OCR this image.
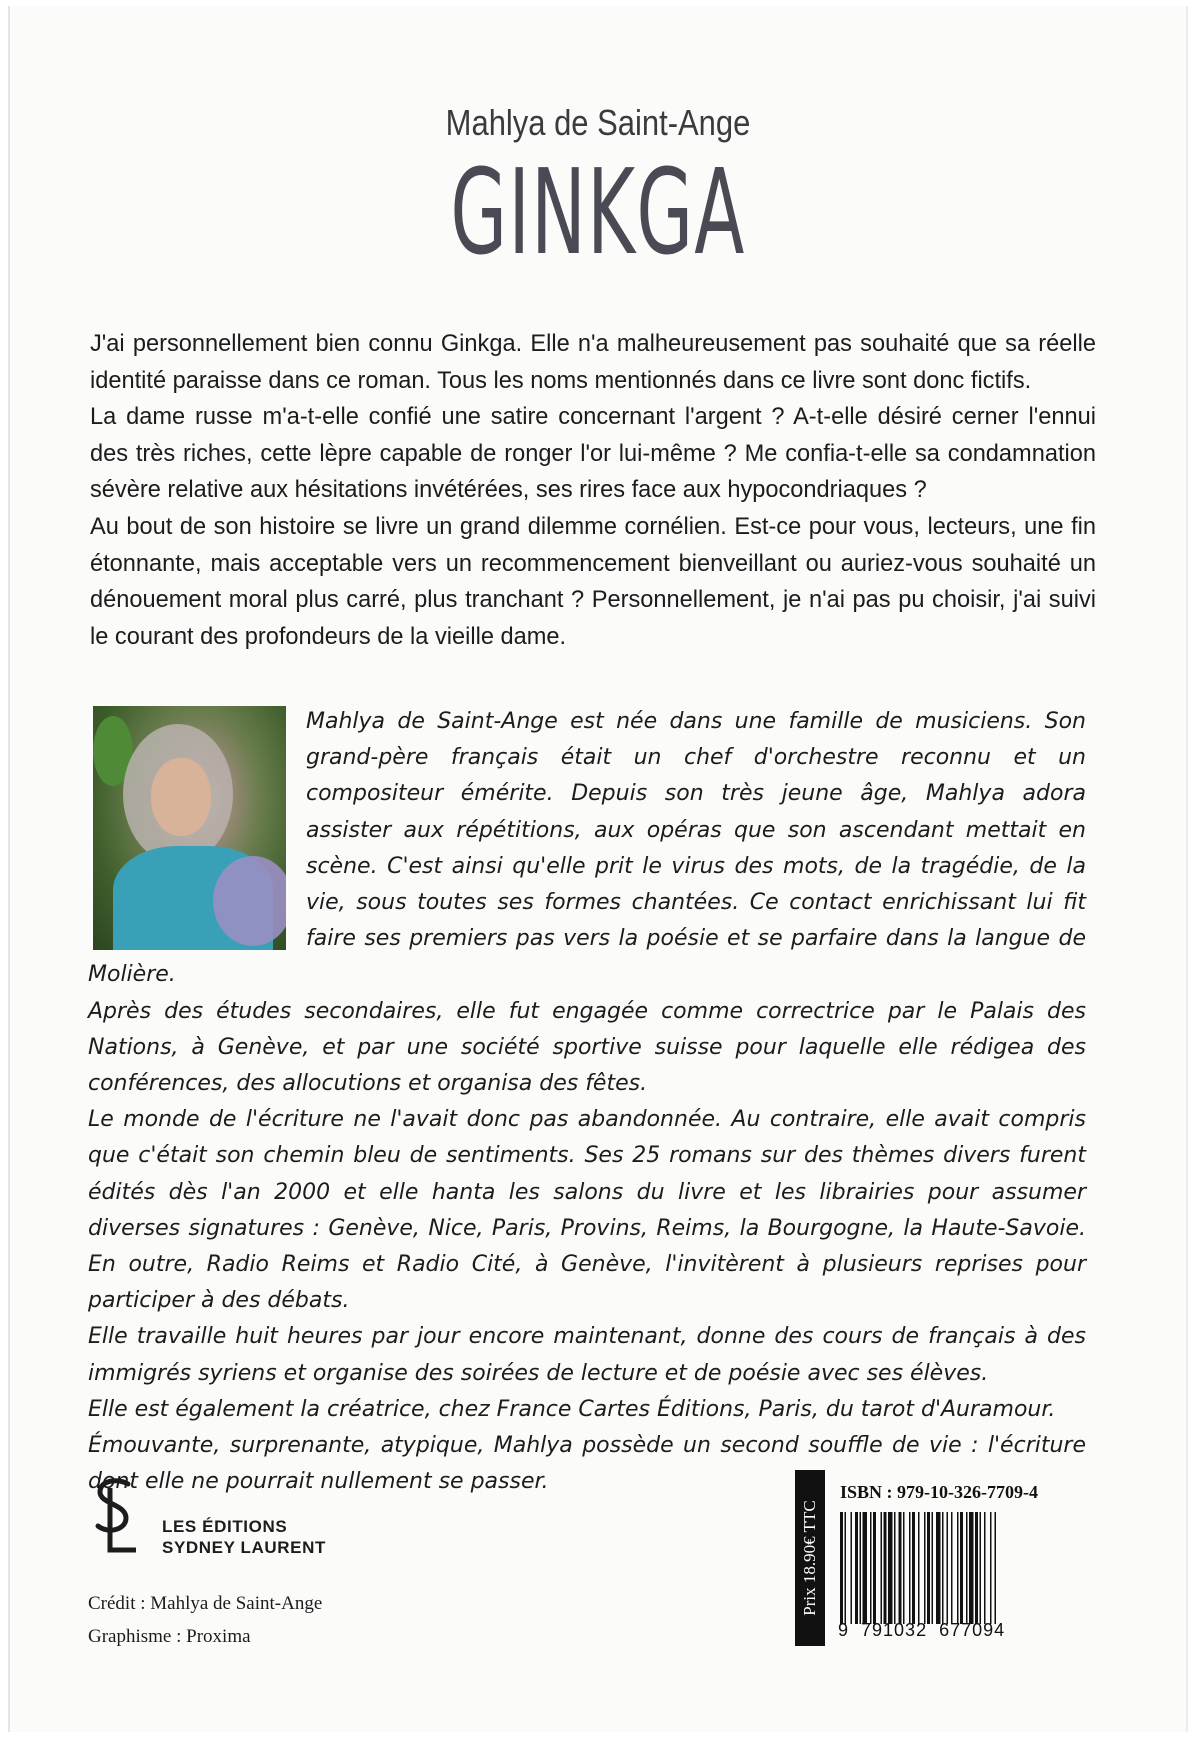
Mahlya de Saint-Ange
GINKGA

J'ai personnellement bien connu Ginkga. Elle n'a malheureusement pas souhaité que sa réelle identité paraisse dans ce roman. Tous les noms mentionnés dans ce livre sont donc fictifs.

La dame russe m'a-t-elle confié une satire concernant l'argent ? A-t-elle désiré cerner l'ennui des très riches, cette lèpre capable de ronger l'or lui-même ? Me confia-t-elle sa condamnation sévère relative aux hésitations invétérées, ses rires face aux hypocondriaques ?

Au bout de son histoire se livre un grand dilemme cornélien. Est-ce pour vous, lecteurs, une fin étonnante, mais acceptable vers un recommencement bienveillant ou auriez-vous souhaité un dénouement moral plus carré, plus tranchant ? Personnellement, je n'ai pas pu choisir, j'ai suivi le courant des profondeurs de la vieille dame.

Mahlya de Saint-Ange est née dans une famille de musiciens. Son grand-père français était un chef d'orchestre reconnu et un compositeur émérite. Depuis son très jeune âge, Mahlya adora assister aux répétitions, aux opéras que son ascendant mettait en scène. C'est ainsi qu'elle prit le virus des mots, de la tragédie, de la vie, sous toutes ses formes chantées. Ce contact enrichissant lui fit faire ses premiers pas vers la poésie et se parfaire dans la langue de Molière.

Après des études secondaires, elle fut engagée comme correctrice par le Palais des Nations, à Genève, et par une société sportive suisse pour laquelle elle rédigea des conférences, des allocutions et organisa des fêtes.

Le monde de l'écriture ne l'avait donc pas abandonnée. Au contraire, elle avait compris que c'était son chemin bleu de sentiments. Ses 25 romans sur des thèmes divers furent édités dès l'an 2000 et elle hanta les salons du livre et les librairies pour assumer diverses signatures : Genève, Nice, Paris, Provins, Reims, la Bourgogne, la Haute-Savoie. En outre, Radio Reims et Radio Cité, à Genève, l'invitèrent à plusieurs reprises pour participer à des débats.

Elle travaille huit heures par jour encore maintenant, donne des cours de français à des immigrés syriens et organise des soirées de lecture et de poésie avec ses élèves.

Elle est également la créatrice, chez France Cartes Éditions, Paris, du tarot d'Auramour.

Émouvante, surprenante, atypique, Mahlya possède un second souffle de vie : l'écriture dont elle ne pourrait nullement se passer.

LES ÉDITIONS
SYDNEY LAURENT
Crédit : Mahlya de Saint-Ange
Graphisme : Proxima
Prix 18.90€ TTC
ISBN : 979-10-326-7709-4
9  791032  677094
